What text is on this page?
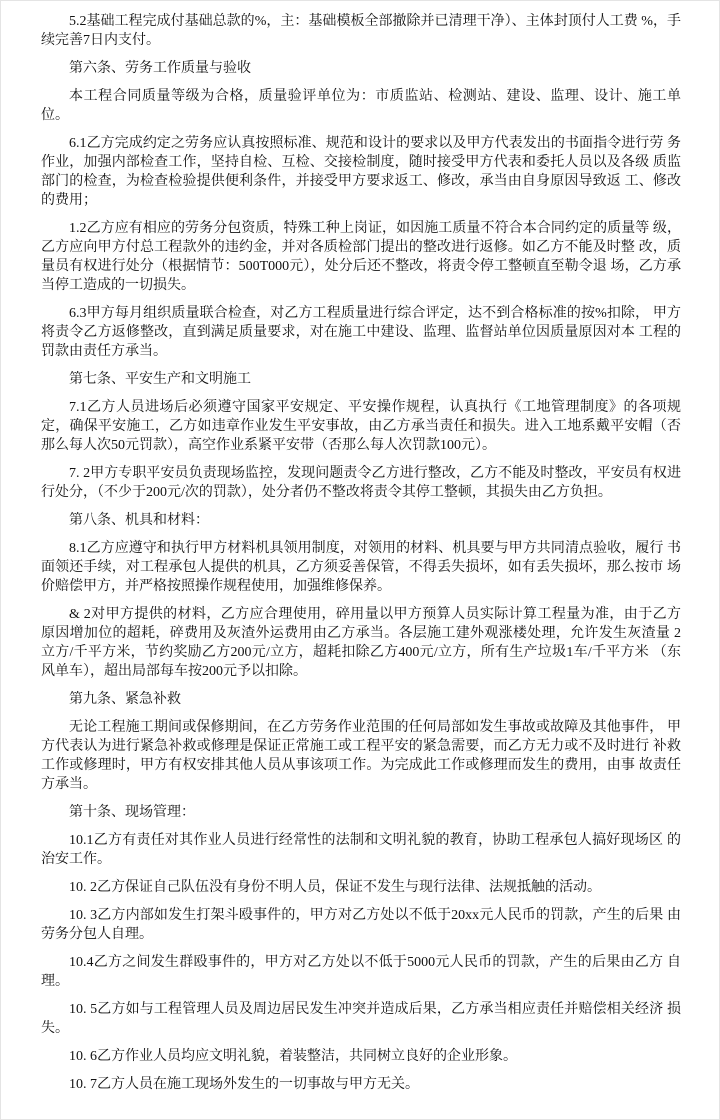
5.2基础工程完成付基础总款的%，主：基础模板全部撤除并已清理干净）、主体封顶付人工费 %，手续完善7日内支付。

第六条、劳务工作质量与验收

本工程合同质量等级为合格，质量验评单位为：市质监站、检测站、建设、监理、设计、施工单 位。

6.1乙方完成约定之劳务应认真按照标准、规范和设计的要求以及甲方代表发出的书面指令进行劳 务作业，加强内部检查工作，坚持自检、互检、交接检制度，随时接受甲方代表和委托人员以及各级 质监部门的检查，为检查检验提供便利条件，并接受甲方要求返工、修改，承当由自身原因导致返 工、修改的费用；

1.2乙方应有相应的劳务分包资质，特殊工种上岗证，如因施工质量不符合本合同约定的质量等 级，乙方应向甲方付总工程款外的违约金，并对各质检部门提出的整改进行返修。如乙方不能及时整 改，质量员有权进行处分（根据情节：500T000元），处分后还不整改，将责令停工整顿直至勒令退 场，乙方承当停工造成的一切损失。

6.3甲方每月组织质量联合检查，对乙方工程质量进行综合评定，达不到合格标准的按%扣除， 甲方将责令乙方返修整改，直到满足质量要求，对在施工中建设、监理、监督站单位因质量原因对本 工程的罚款由责任方承当。

第七条、平安生产和文明施工

7.1乙方人员进场后必须遵守国家平安规定、平安操作规程，认真执行《工地管理制度》的各项规 定，确保平安施工，乙方如违章作业发生平安事故，由乙方承当责任和损失。进入工地系戴平安帽（否 那么每人次50元罚款），高空作业系紧平安带（否那么每人次罚款100元）。

7. 2甲方专职平安员负责现场监控，发现问题责令乙方进行整改，乙方不能及时整改，平安员有权进行处分，（不少于200元/次的罚款），处分者仍不整改将责令其停工整顿，其损失由乙方负担。

第八条、机具和材料：

8.1乙方应遵守和执行甲方材料机具领用制度，对领用的材料、机具要与甲方共同清点验收，履行 书面领还手续，对工程承包人提供的机具，乙方须妥善保管，不得丢失损坏，如有丢失损坏，那么按市 场价赔偿甲方，并严格按照操作规程使用，加强维修保养。

& 2对甲方提供的材料，乙方应合理使用，碎用量以甲方预算人员实际计算工程量为准，由于乙方 原因增加位的超耗，碎费用及灰渣外运费用由乙方承当。各层施工建外观涨楼处理，允许发生灰渣量 2立方/千平方米，节约奖励乙方200元/立方，超耗扣除乙方400元/立方，所有生产垃圾1车/千平方米 （东风单车），超出局部每车按200元予以扣除。

第九条、紧急补救

无论工程施工期间或保修期间，在乙方劳务作业范围的任何局部如发生事故或故障及其他事件， 甲方代表认为进行紧急补救或修理是保证正常施工或工程平安的紧急需要，而乙方无力或不及时进行 补救工作或修理时，甲方有权安排其他人员从事该项工作。为完成此工作或修理而发生的费用，由事 故责任方承当。

第十条、现场管理：

10.1乙方有责任对其作业人员进行经常性的法制和文明礼貌的教育，协助工程承包人搞好现场区 的治安工作。

10. 2乙方保证自己队伍没有身份不明人员，保证不发生与现行法律、法规抵触的活动。

10. 3乙方内部如发生打架斗殴事件的，甲方对乙方处以不低于20xx元人民币的罚款，产生的后果 由劳务分包人自理。

10.4乙方之间发生群殴事件的，甲方对乙方处以不低于5000元人民币的罚款，产生的后果由乙方 自理。

10. 5乙方如与工程管理人员及周边居民发生冲突并造成后果，乙方承当相应责任并赔偿相关经济 损失。

10. 6乙方作业人员均应文明礼貌，着装整洁，共同树立良好的企业形象。

10. 7乙方人员在施工现场外发生的一切事故与甲方无关。
